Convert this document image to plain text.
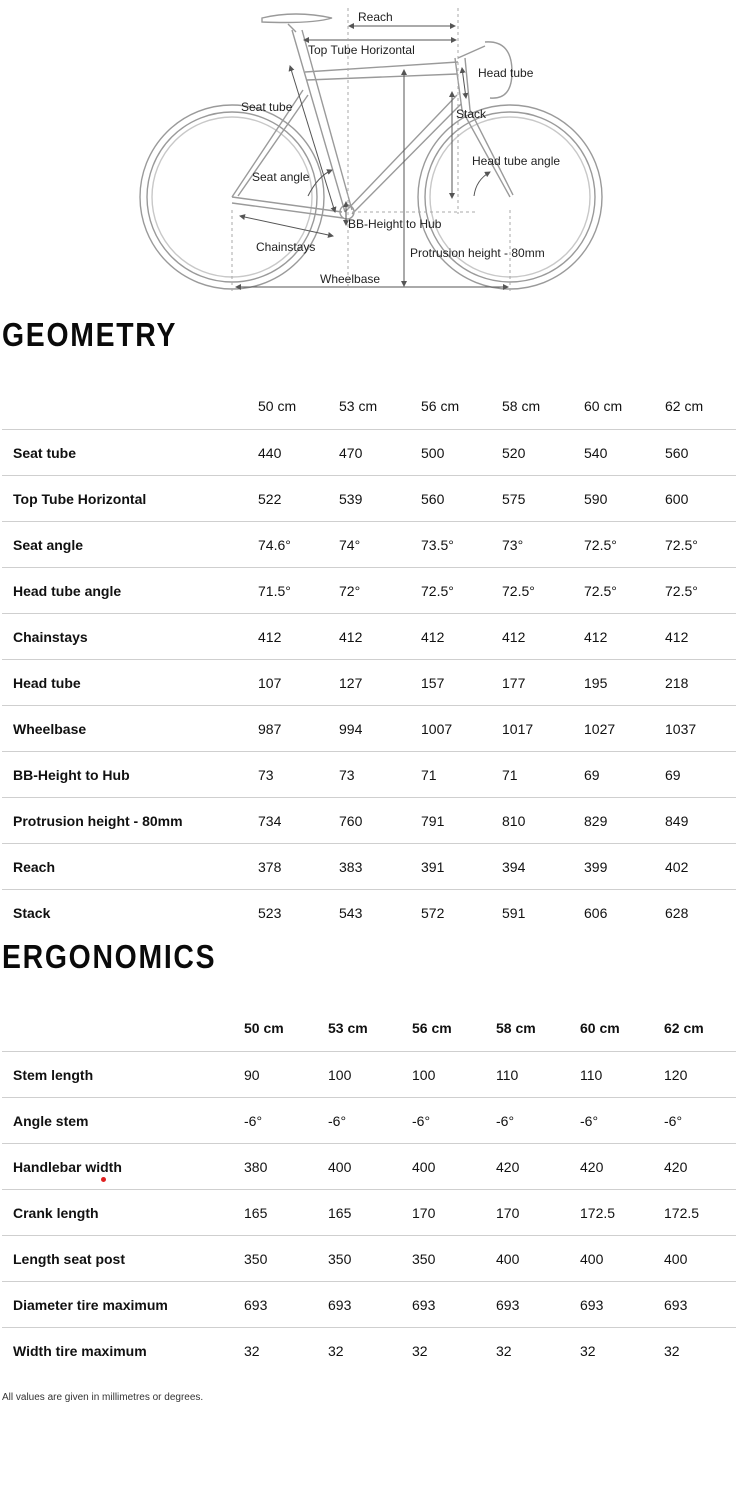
Reach
Top Tube Horizontal
Head tube
Seat tube	Stack
Seat angle
Head tube angle
BB-Height to Hub
Chainstays	Protrusion height - 80mm
Wheelbase
GEOMETRY
	50 cm	53 cm	56 cm	58 cm	60 cm	62 cm
Seat tube	440	470	500	520	540	560
Top Tube Horizontal	522	539	560	575	590	600
Seat angle	74.6°	74°	73.5°	73°	72.5°	72.5°
Head tube angle	71.5°	72°	72.5°	72.5°	72.5°	72.5°
Chainstays	412	412	412	412	412	412
Head tube	107	127	157	177	195	218
Wheelbase	987	994	1007	1017	1027	1037
BB-Height to Hub	73	73	71	71	69	69
Protrusion height - 80mm	734	760	791	810	829	849
Reach	378	383	391	394	399	402
Stack	523	543	572	591	606	628
ERGONOMICS
	50 cm	53 cm	56 cm	58 cm	60 cm	62 cm
Stem length	90	100	100	110	110	120
Angle stem	-6°	-6°	-6°	-6°	-6°	-6°
Handlebar width	380	400	400	420	420	420
Crank length	165	165	170	170	172.5	172.5
Length seat post	350	350	350	400	400	400
Diameter tire maximum	693	693	693	693	693	693
Width tire maximum	32	32	32	32	32	32
All values are given in millimetres or degrees.
